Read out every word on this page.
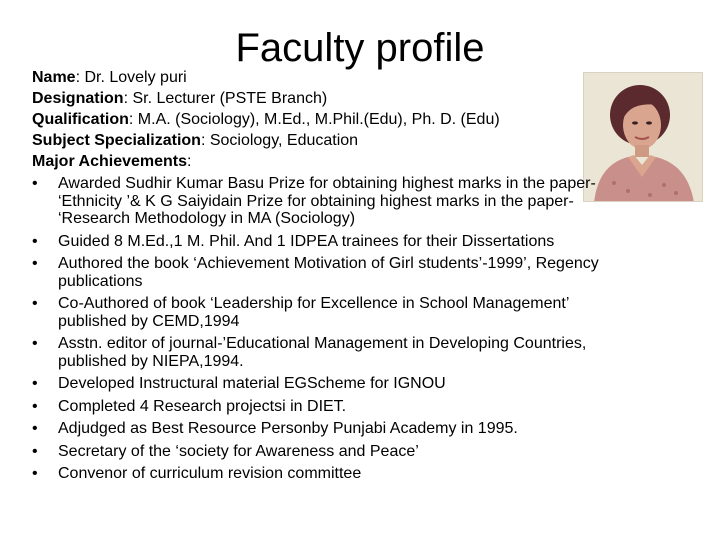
Faculty profile
Name: Dr. Lovely puri
Designation: Sr. Lecturer (PSTE Branch)
Qualification: M.A. (Sociology), M.Ed., M.Phil.(Edu), Ph. D. (Edu)
Subject Specialization: Sociology, Education
Major Achievements:
• Awarded Sudhir Kumar Basu Prize for obtaining highest marks in the paper- ‘Ethnicity ’& K G Saiyidain Prize for obtaining highest marks in the paper- ‘Research Methodology in MA (Sociology)
• Guided 8 M.Ed.,1 M. Phil. And 1 IDPEA trainees for their Dissertations
• Authored the book ‘Achievement Motivation of Girl students’-1999’, Regency publications
• Co-Authored of book ‘Leadership for Excellence in School Management’ published by CEMD,1994
• Asstn. editor of journal-’Educational Management in Developing Countries, published by NIEPA,1994.
• Developed Instructural material EGScheme for IGNOU
• Completed 4 Research projectsi in DIET.
• Adjudged as Best Resource Personby Punjabi Academy in 1995.
• Secretary of the ‘society for Awareness and Peace’
• Convenor of curriculum revision committee
